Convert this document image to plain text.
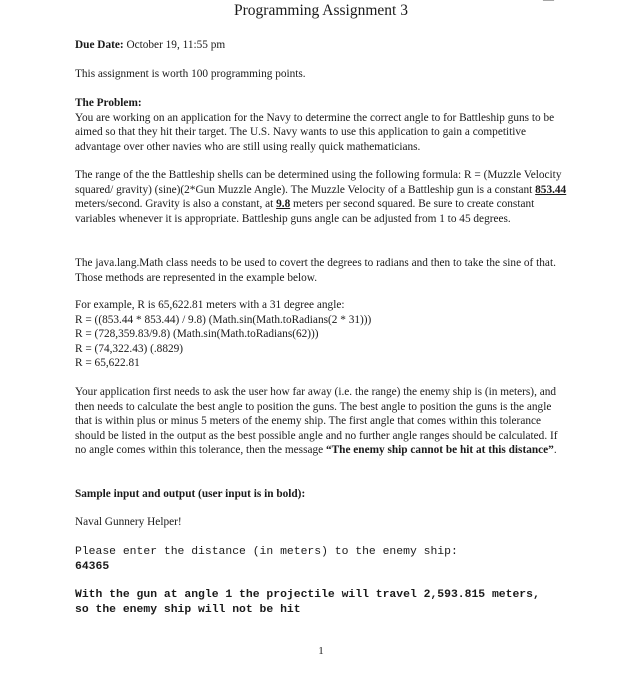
Programming Assignment 3
Due Date: October 19, 11:55 pm
This assignment is worth 100 programming points.

The Problem:

You are working on an application for the Navy to determine the correct angle to for Battleship guns to be aimed so that they hit their target. The U.S. Navy wants to use this application to gain a competitive advantage over other navies who are still using really quick mathematicians.

The range of the the Battleship shells can be determined using the following formula: R = (Muzzle Velocity squared/ gravity) (sine)(2*Gun Muzzle Angle). The Muzzle Velocity of a Battleship gun is a constant 853.44 meters/second. Gravity is also a constant, at 9.8 meters per second squared. Be sure to create constant variables whenever it is appropriate. Battleship guns angle can be adjusted from 1 to 45 degrees.

The java.lang.Math class needs to be used to covert the degrees to radians and then to take the sine of that. Those methods are represented in the example below.

For example, R is 65,622.81 meters with a 31 degree angle:

R = ((853.44 * 853.44) / 9.8) (Math.sin(Math.toRadians(2 * 31)))

R = (728,359.83/9.8) (Math.sin(Math.toRadians(62)))

R = (74,322.43) (.8829)

R = 65,622.81

Your application first needs to ask the user how far away (i.e. the range) the enemy ship is (in meters), and then needs to calculate the best angle to position the guns. The best angle to position the guns is the angle that is within plus or minus 5 meters of the enemy ship. The first angle that comes within this tolerance should be listed in the output as the best possible angle and no further angle ranges should be calculated. If no angle comes within this tolerance, then the message “The enemy ship cannot be hit at this distance”.

Sample input and output (user input is in bold):
Naval Gunnery Helper!
Please enter the distance (in meters) to the enemy ship:
64365
With the gun at angle 1 the projectile will travel 2,593.815 meters,
so the enemy ship will not be hit
1
—
